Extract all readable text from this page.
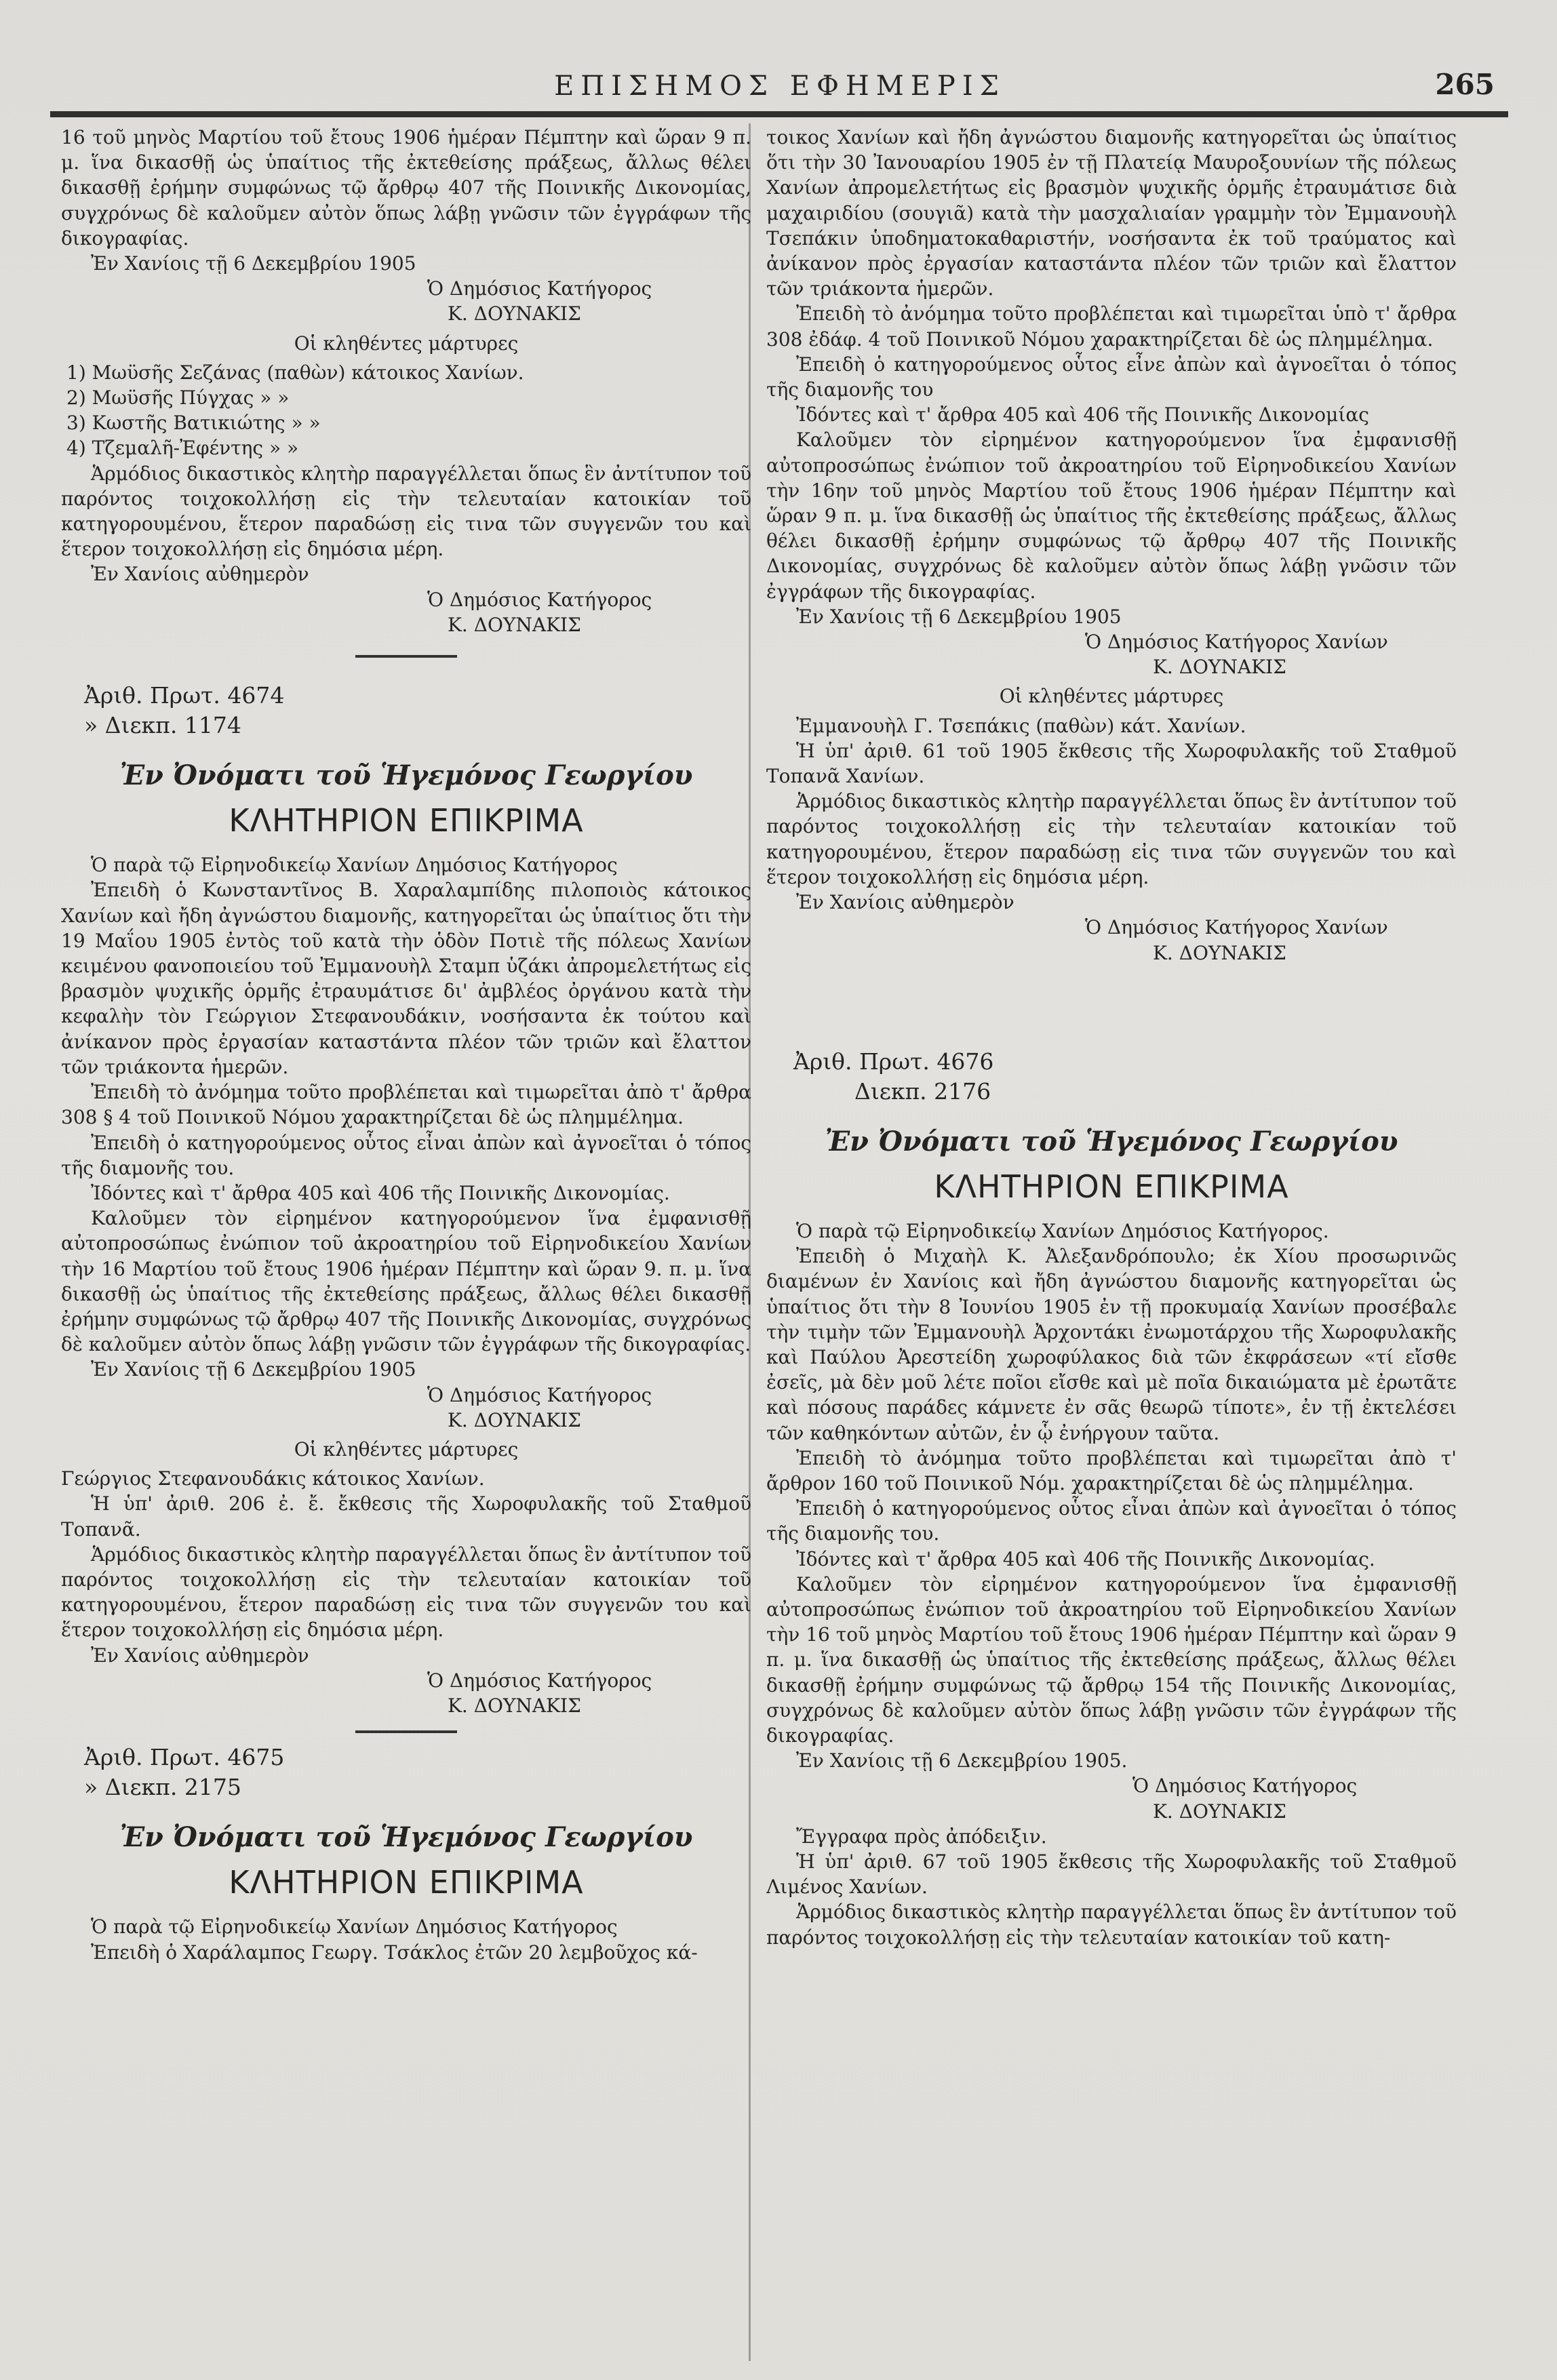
ΕΠΙΣΗΜΟΣ ΕΦΗΜΕΡΙΣ	265

16 τοῦ μηνὸς Μαρτίου τοῦ ἔτους 1906 ἡμέραν Πέμπτην καὶ ὥραν 9 π. μ. ἵνα δικασθῇ ὡς ὑπαίτιος τῆς ἐκτεθείσης πράξεως, ἄλλως θέλει δικασθῇ ἐρήμην συμφώνως τῷ ἄρθρῳ 407 τῆς Ποινικῆς Δικονομίας, συγχρόνως δὲ καλοῦμεν αὐτὸν ὅπως λάβῃ γνῶσιν τῶν ἐγγράφων τῆς δικογραφίας.

Ἐν Χανίοις τῇ 6 Δεκεμβρίου 1905

Ὁ Δημόσιος Κατήγορος

Κ. ΔΟΥΝΑΚΙΣ

Οἱ κληθέντες μάρτυρες

1) Μωϋσῆς Σεζάνας (παθὼν) κάτοικος Χανίων.

2) Μωϋσῆς Πύγχας » »

3) Κωστῆς Βατικιώτης » »

4) Τζεμαλῆ-Ἐφέντης » »

Ἁρμόδιος δικαστικὸς κλητὴρ παραγγέλλεται ὅπως ἓν ἀντίτυπον τοῦ παρόντος τοιχοκολλήσῃ εἰς τὴν τελευταίαν κατοικίαν τοῦ κατηγορουμένου, ἕτερον παραδώσῃ εἰς τινα τῶν συγγενῶν του καὶ ἕτερον τοιχοκολλήσῃ εἰς δημόσια μέρη.

Ἐν Χανίοις αὐθημερὸν

Ὁ Δημόσιος Κατήγορος

Κ. ΔΟΥΝΑΚΙΣ

Ἀριθ. Πρωτ. 4674

» Διεκπ. 1174

Ἐν Ὀνόματι τοῦ Ἡγεμόνος Γεωργίου

ΚΛΗΤΗΡΙΟΝ ΕΠΙΚΡΙΜΑ

Ὁ παρὰ τῷ Εἰρηνοδικείῳ Χανίων Δημόσιος Κατήγορος

Ἐπειδὴ ὁ Κωνσταντῖνος Β. Χαραλαμπίδης πιλοποιὸς κάτοικος Χανίων καὶ ἤδη ἀγνώστου διαμονῆς, κατηγορεῖται ὡς ὑπαίτιος ὅτι τὴν 19 Μαΐου 1905 ἐντὸς τοῦ κατὰ τὴν ὁδὸν Ποτιὲ τῆς πόλεως Χανίων κειμένου φανοποιείου τοῦ Ἐμμανουὴλ Σταμπ ὑζάκι ἀπρομελετήτως εἰς βρασμὸν ψυχικῆς ὁρμῆς ἐτραυμάτισε δι' ἀμβλέος ὀργάνου κατὰ τὴν κεφαλὴν τὸν Γεώργιον Στεφανουδάκιν, νοσήσαντα ἐκ τούτου καὶ ἀνίκανον πρὸς ἐργασίαν καταστάντα πλέον τῶν τριῶν καὶ ἔλαττον τῶν τριάκοντα ἡμερῶν.

Ἐπειδὴ τὸ ἀνόμημα τοῦτο προβλέπεται καὶ τιμωρεῖται ἀπὸ τ' ἄρθρα 308 § 4 τοῦ Ποινικοῦ Νόμου χαρακτηρίζεται δὲ ὡς πλημμέλημα.

Ἐπειδὴ ὁ κατηγορούμενος οὗτος εἶναι ἀπὼν καὶ ἀγνοεῖται ὁ τόπος τῆς διαμονῆς του.

Ἰδόντες καὶ τ' ἄρθρα 405 καὶ 406 τῆς Ποινικῆς Δικονομίας.

Καλοῦμεν τὸν εἰρημένον κατηγορούμενον ἵνα ἐμφανισθῇ αὐτοπροσώπως ἐνώπιον τοῦ ἀκροατηρίου τοῦ Εἰρηνοδικείου Χανίων τὴν 16 Μαρτίου τοῦ ἔτους 1906 ἡμέραν Πέμπτην καὶ ὥραν 9. π. μ. ἵνα δικασθῇ ὡς ὑπαίτιος τῆς ἐκτεθείσης πράξεως, ἄλλως θέλει δικασθῇ ἐρήμην συμφώνως τῷ ἄρθρῳ 407 τῆς Ποινικῆς Δικονομίας, συγχρόνως δὲ καλοῦμεν αὐτὸν ὅπως λάβῃ γνῶσιν τῶν ἐγγράφων τῆς δικογραφίας.

Ἐν Χανίοις τῇ 6 Δεκεμβρίου 1905

Ὁ Δημόσιος Κατήγορος

Κ. ΔΟΥΝΑΚΙΣ

Οἱ κληθέντες μάρτυρες

Γεώργιος Στεφανουδάκις κάτοικος Χανίων.

Ἡ ὑπ' ἀριθ. 206 ἐ. ἔ. ἔκθεσις τῆς Χωροφυλακῆς τοῦ Σταθμοῦ Τοπανᾶ.

Ἁρμόδιος δικαστικὸς κλητὴρ παραγγέλλεται ὅπως ἓν ἀντίτυπον τοῦ παρόντος τοιχοκολλήσῃ εἰς τὴν τελευταίαν κατοικίαν τοῦ κατηγορουμένου, ἕτερον παραδώσῃ εἰς τινα τῶν συγγενῶν του καὶ ἕτερον τοιχοκολλήσῃ εἰς δημόσια μέρη.

Ἐν Χανίοις αὐθημερὸν

Ὁ Δημόσιος Κατήγορος

Κ. ΔΟΥΝΑΚΙΣ

Ἀριθ. Πρωτ. 4675

» Διεκπ. 2175

Ἐν Ὀνόματι τοῦ Ἡγεμόνος Γεωργίου

ΚΛΗΤΗΡΙΟΝ ΕΠΙΚΡΙΜΑ

Ὁ παρὰ τῷ Εἰρηνοδικείῳ Χανίων Δημόσιος Κατήγορος

Ἐπειδὴ ὁ Χαράλαμπος Γεωργ. Τσάκλος ἐτῶν 20 λεμβοῦχος κά-

τοικος Χανίων καὶ ἤδη ἀγνώστου διαμονῆς κατηγορεῖται ὡς ὑπαίτιος ὅτι τὴν 30 Ἰανουαρίου 1905 ἐν τῇ Πλατείᾳ Μαυροξουνίων τῆς πόλεως Χανίων ἀπρομελετήτως εἰς βρασμὸν ψυχικῆς ὁρμῆς ἐτραυμάτισε διὰ μαχαιριδίου (σουγιᾶ) κατὰ τὴν μασχαλιαίαν γραμμὴν τὸν Ἐμμανουὴλ Τσεπάκιν ὑποδηματοκαθαριστήν, νοσήσαντα ἐκ τοῦ τραύματος καὶ ἀνίκανον πρὸς ἐργασίαν καταστάντα πλέον τῶν τριῶν καὶ ἔλαττον τῶν τριάκοντα ἡμερῶν.

Ἐπειδὴ τὸ ἀνόμημα τοῦτο προβλέπεται καὶ τιμωρεῖται ὑπὸ τ' ἄρθρα 308 ἐδάφ. 4 τοῦ Ποινικοῦ Νόμου χαρακτηρίζεται δὲ ὡς πλημμέλημα.

Ἐπειδὴ ὁ κατηγορούμενος οὗτος εἶνε ἀπὼν καὶ ἀγνοεῖται ὁ τόπος τῆς διαμονῆς του

Ἰδόντες καὶ τ' ἄρθρα 405 καὶ 406 τῆς Ποινικῆς Δικονομίας

Καλοῦμεν τὸν εἰρημένον κατηγορούμενον ἵνα ἐμφανισθῇ αὐτοπροσώπως ἐνώπιον τοῦ ἀκροατηρίου τοῦ Εἰρηνοδικείου Χανίων τὴν 16ην τοῦ μηνὸς Μαρτίου τοῦ ἔτους 1906 ἡμέραν Πέμπτην καὶ ὥραν 9 π. μ. ἵνα δικασθῇ ὡς ὑπαίτιος τῆς ἐκτεθείσης πράξεως, ἄλλως θέλει δικασθῇ ἐρήμην συμφώνως τῷ ἄρθρῳ 407 τῆς Ποινικῆς Δικονομίας, συγχρόνως δὲ καλοῦμεν αὐτὸν ὅπως λάβῃ γνῶσιν τῶν ἐγγράφων τῆς δικογραφίας.

Ἐν Χανίοις τῇ 6 Δεκεμβρίου 1905

Ὁ Δημόσιος Κατήγορος Χανίων

Κ. ΔΟΥΝΑΚΙΣ

Οἱ κληθέντες μάρτυρες

Ἐμμανουὴλ Γ. Τσεπάκις (παθὼν) κάτ. Χανίων.

Ἡ ὑπ' ἀριθ. 61 τοῦ 1905 ἔκθεσις τῆς Χωροφυλακῆς τοῦ Σταθμοῦ Τοπανᾶ Χανίων.

Ἁρμόδιος δικαστικὸς κλητὴρ παραγγέλλεται ὅπως ἓν ἀντίτυπον τοῦ παρόντος τοιχοκολλήσῃ εἰς τὴν τελευταίαν κατοικίαν τοῦ κατηγορουμένου, ἕτερον παραδώσῃ εἰς τινα τῶν συγγενῶν του καὶ ἕτερον τοιχοκολλήσῃ εἰς δημόσια μέρη.

Ἐν Χανίοις αὐθημερὸν

Ὁ Δημόσιος Κατήγορος Χανίων

Κ. ΔΟΥΝΑΚΙΣ

Ἀριθ. Πρωτ. 4676

Διεκπ. 2176

Ἐν Ὀνόματι τοῦ Ἡγεμόνος Γεωργίου

ΚΛΗΤΗΡΙΟΝ ΕΠΙΚΡΙΜΑ

Ὁ παρὰ τῷ Εἰρηνοδικείῳ Χανίων Δημόσιος Κατήγορος.

Ἐπειδὴ ὁ Μιχαὴλ Κ. Ἀλεξανδρόπουλο; ἐκ Χίου προσωρινῶς διαμένων ἐν Χανίοις καὶ ἤδη ἀγνώστου διαμονῆς κατηγορεῖται ὡς ὑπαίτιος ὅτι τὴν 8 Ἰουνίου 1905 ἐν τῇ προκυμαίᾳ Χανίων προσέβαλε τὴν τιμὴν τῶν Ἐμμανουὴλ Ἀρχοντάκι ἐνωμοτάρχου τῆς Χωροφυλακῆς καὶ Παύλου Ἀρεστείδη χωροφύλακος διὰ τῶν ἐκφράσεων «τί εἴσθε ἐσεῖς, μὰ δὲν μοῦ λέτε ποῖοι εἴσθε καὶ μὲ ποῖα δικαιώματα μὲ ἐρωτᾶτε καὶ πόσους παράδες κάμνετε ἐν σᾶς θεωρῶ τίποτε», ἐν τῇ ἐκτελέσει τῶν καθηκόντων αὐτῶν, ἐν ᾧ ἐνήργουν ταῦτα.

Ἐπειδὴ τὸ ἀνόμημα τοῦτο προβλέπεται καὶ τιμωρεῖται ἀπὸ τ' ἄρθρον 160 τοῦ Ποινικοῦ Νόμ. χαρακτηρίζεται δὲ ὡς πλημμέλημα.

Ἐπειδὴ ὁ κατηγορούμενος οὗτος εἶναι ἀπὼν καὶ ἀγνοεῖται ὁ τόπος τῆς διαμονῆς του.

Ἰδόντες καὶ τ' ἄρθρα 405 καὶ 406 τῆς Ποινικῆς Δικονομίας.

Καλοῦμεν τὸν εἰρημένον κατηγορούμενον ἵνα ἐμφανισθῇ αὐτοπροσώπως ἐνώπιον τοῦ ἀκροατηρίου τοῦ Εἰρηνοδικείου Χανίων τὴν 16 τοῦ μηνὸς Μαρτίου τοῦ ἔτους 1906 ἡμέραν Πέμπτην καὶ ὥραν 9 π. μ. ἵνα δικασθῇ ὡς ὑπαίτιος τῆς ἐκτεθείσης πράξεως, ἄλλως θέλει δικασθῇ ἐρήμην συμφώνως τῷ ἄρθρῳ 154 τῆς Ποινικῆς Δικονομίας, συγχρόνως δὲ καλοῦμεν αὐτὸν ὅπως λάβῃ γνῶσιν τῶν ἐγγράφων τῆς δικογραφίας.

Ἐν Χανίοις τῇ 6 Δεκεμβρίου 1905.

Ὁ Δημόσιος Κατήγορος

Κ. ΔΟΥΝΑΚΙΣ

Ἔγγραφα πρὸς ἀπόδειξιν.

Ἡ ὑπ' ἀριθ. 67 τοῦ 1905 ἔκθεσις τῆς Χωροφυλακῆς τοῦ Σταθμοῦ Λιμένος Χανίων.

Ἁρμόδιος δικαστικὸς κλητὴρ παραγγέλλεται ὅπως ἓν ἀντίτυπον τοῦ παρόντος τοιχοκολλήσῃ εἰς τὴν τελευταίαν κατοικίαν τοῦ κατη-
